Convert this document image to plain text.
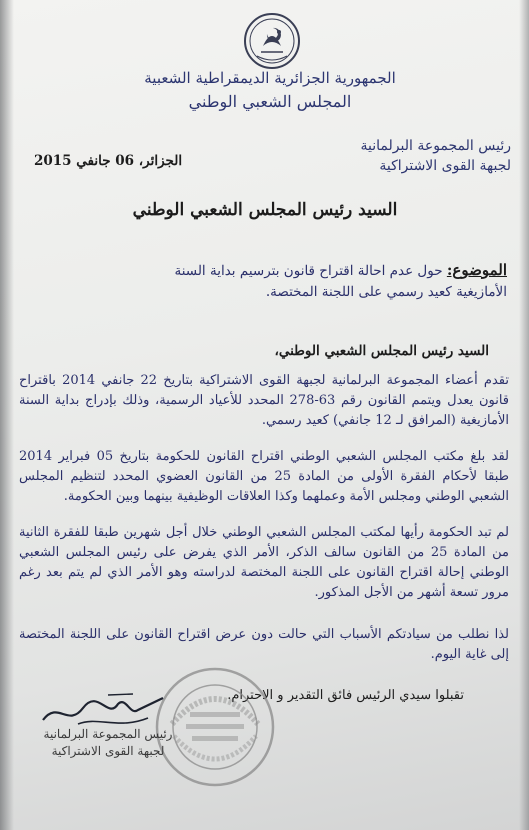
الجمهورية الجزائرية الديمقراطية الشعبية
المجلس الشعبي الوطني
رئيس المجموعة البرلمانية
لجبهة القوى الاشتراكية
الجزائر، 06 جانفي 2015
السيد رئيس المجلس الشعبي الوطني
الموضوع: حول عدم احالة اقتراح قانون بترسيم بداية السنة
الأمازيغية كعيد رسمي على اللجنة المختصة.
السيد رئيس المجلس الشعبي الوطني،
تقدم أعضاء المجموعة البرلمانية لجبهة القوى الاشتراكية بتاريخ 22 جانفي 2014 باقتراح قانون يعدل ويتمم القانون رقم 63-278 المحدد للأعياد الرسمية، وذلك بإدراج بداية السنة الأمازيغية (المرافق لـ 12 جانفي) كعيد رسمي.
لقد بلغ مكتب المجلس الشعبي الوطني اقتراح القانون للحكومة بتاريخ 05 فبراير 2014 طبقا لأحكام الفقرة الأولى من المادة 25 من القانون العضوي المحدد لتنظيم المجلس الشعبي الوطني ومجلس الأمة وعملهما وكذا العلاقات الوظيفية بينهما وبين الحكومة.
لم تبد الحكومة رأيها لمكتب المجلس الشعبي الوطني خلال أجل شهرين طبقا للفقرة الثانية من المادة 25 من القانون سالف الذكر، الأمر الذي يفرض على رئيس المجلس الشعبي الوطني إحالة اقتراح القانون على اللجنة المختصة لدراسته وهو الأمر الذي لم يتم بعد رغم مرور تسعة أشهر من الأجل المذكور.
لذا نطلب من سيادتكم الأسباب التي حالت دون عرض اقتراح القانون على اللجنة المختصة إلى غاية اليوم.
تقبلوا سيدي الرئيس فائق التقدير و الاحترام.
رئيس المجموعة البرلمانية
لجبهة القوى الاشتراكية
